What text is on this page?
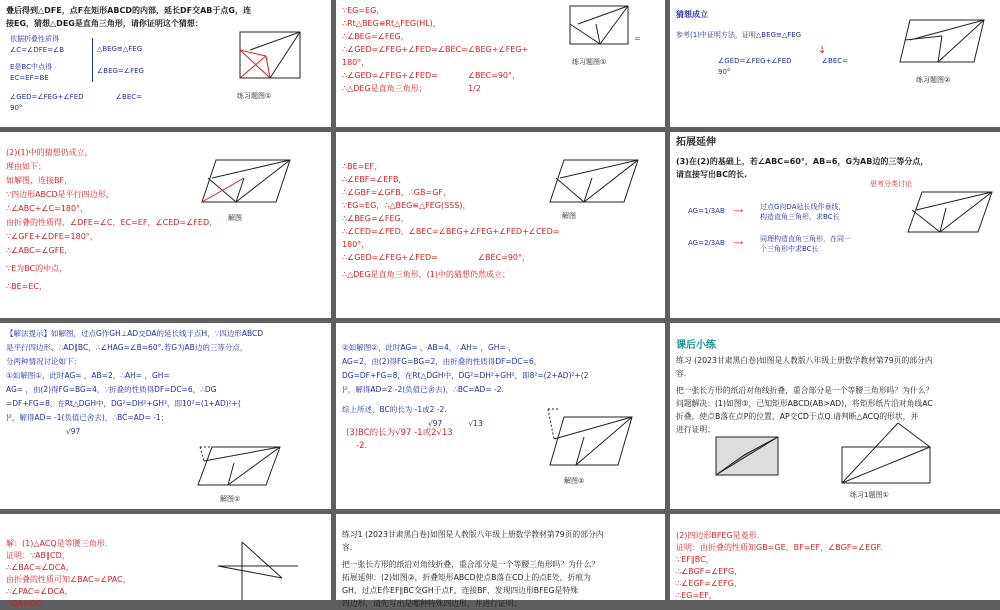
叠后得到△DFE，点F在矩形ABCD的内部，延长DF交AB于点G，连
接EG，猜想△DEG是直角三角形，请你证明这个猜想：
依据折叠性质得
∠C=∠DFE=∠B
E是BC中点得
EC=EF=BE
△BEG≌△FEG
∠BEG=∠FEG
∠GED=∠FEG+∠FED	∠BEC=
90°
练习题图①
∵EG=EG，
∴Rt△BEG≌Rt△FEG(HL)，
∴∠BEG=∠FEG，
∴∠GED=∠FEG+∠FED=∠BEC=∠BEG+∠FEG+
180°，
∴∠GED=∠FEG+∠FED=	∠BEC=90°，
∴△DEG是直角三角形；	1/2
=
练习题图①
猜想成立
参考(1)中证明方法，证明△BEG≌△FEG
∠GED=∠FEG+∠FED	∠BEC=
90°
↓
练习题图②
(2)(1)中的猜想仍成立，
理由如下：
如解图，连接BF，
∵四边形ABCD是平行四边形，
∴∠ABC+∠C=180°，
由折叠的性质得，∠DFE=∠C，EC=EF，∠CED=∠FED，
∵∠GFE+∠DFE=180°，
∴∠ABC=∠GFE，
∵E为BC的中点，
∴BE=EC，
解图
∴BE=EF，
∴∠EBF=∠EFB，
∴∠GBF=∠GFB，∴GB=GF，
∵EG=EG，∴△BEG≌△FEG(SSS)，
∴∠BEG=∠FEG，
∴∠CED=∠FED，∠BEC=∠BEG+∠FEG+∠FED+∠CED=
180°，
∴∠GED=∠FEG+∠FED=	∠BEC=90°，
∴△DEG是直角三角形，(1)中的猜想仍然成立；
解图
拓展延伸
(3)在(2)的基础上，若∠ABC=60°，AB=6，G为AB边的三等分点，
请直接写出BC的长.
思考分类讨论
AG=1/3AB ⟶	过点G向DA延长线作垂线，
构造直角三角形，求BC长
AG=2/3AB ⟶	同理构造直角三角形，在同一
个三角形中求BC长
【解法提示】如解图，过点G作GH⊥AD交DA的延长线于点H，∵四边形ABCD
是平行四边形，∴AD∥BC，∴∠HAG=∠B=60°.若G为AB边的三等分点，
分两种情况讨论如下：
①如解图①，此时AG= ，AB=2，∴AH= ，GH=
AG= ，由(2)得FG=BG=4，∵折叠的性质得DF=DC=6，∴DG
=DF+FG=8，在Rt△DGH中，DG²=DH²+GH²，即10²=(1+AD)²+(
)²，解得AD= -1(负值已舍去)，∴BC=AD= -1；
√97
解图①
②如解图②，此时AG= ，AB=4，∴AH= ，GH= ，
AG=2，由(2)得FG=BG=2，由折叠的性质得DF=DC=6，
DG=DF+FG=8，在Rt△DGH中，DG²=DH²+GH²，即8²=(2+AD)²+(2
)²，解得AD=2 -2(负值已舍去)，∴BC=AD= -2.
综上所述，BC的长为 -1或2 -2.
√97	√13
(3)BC的长为√97 -1或2√13
-2.
解图②
课后小练
练习 (2023甘肃黑白卷)如图是人教版八年级上册数学教材第79页的部分内
容.
把一张长方形的纸沿对角线折叠，重合部分是一个等腰三角形吗？为什么？
问题解决：(1)如图①，已知矩形ABCD(AB>AD)，将矩形纸片沿对角线AC
折叠，使点B落在点P的位置，AP交CD于点Q.请判断△ACQ的形状，并
进行证明；
练习1题图①
解：(1)△ACQ是等腰三角形.
证明：∵AB∥CD，
∴∠BAC=∠DCA，
由折叠的性质可知∠BAC=∠PAC，
∴∠PAC=∠DCA，
∴QA=QC，
练习1 (2023甘肃黑白卷)如图是人教版八年级上册数学教材第79页的部分内
容.
把一张长方形的纸沿对角线折叠，重合部分是一个等腰三角形吗？为什么？
拓展延伸：(2)如图②，折叠矩形ABCD使点B落在CD上的点E处，折痕为
GH，过点E作EF∥BC交GH于点F，连接BF，发现四边形BFEG是特殊
四边形，请先写出是哪种特殊四边形，并进行证明；
(2)四边形BFEG是菱形.
证明：由折叠的性质知GB=GE，BF=EF，∠BGF=∠EGF.
∵EF∥BC，
∴∠BGF=∠EFG，
∴∠EGF=∠EFG，
∴EG=EF，
